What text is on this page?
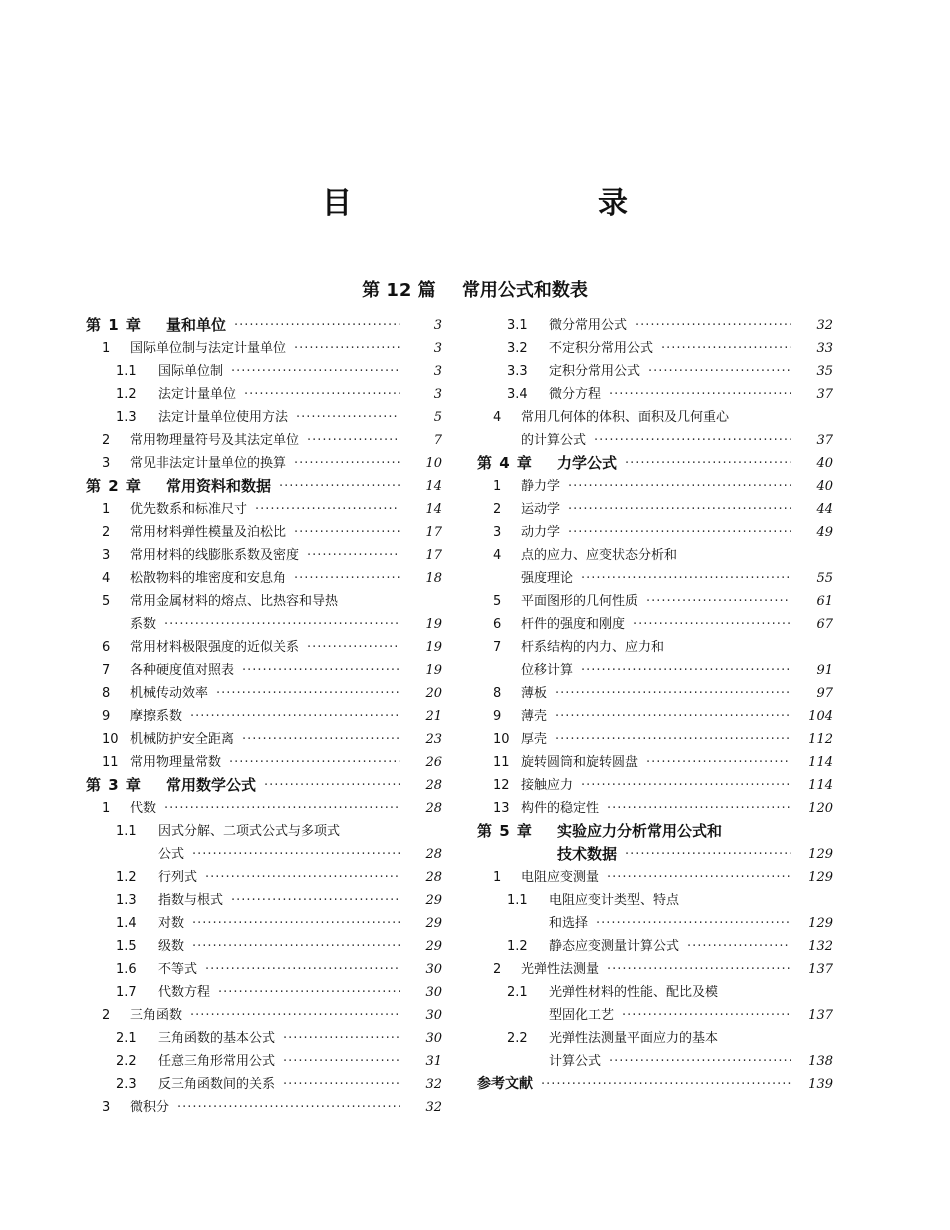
目　　录
第 12 篇 常用公式和数表
第 1 章	量和单位 ·····	3
1	国际单位制与法定计量单位 ·····	3
1.1	国际单位制 ·····	3
1.2	法定计量单位 ·····	3
1.3	法定计量单位使用方法 ·····	5
2	常用物理量符号及其法定单位 ·····	7
3	常见非法定计量单位的换算 ·····	10
第 2 章	常用资料和数据 ·····	14
1	优先数系和标准尺寸 ·····	14
2	常用材料弹性模量及泊松比 ·····	17
3	常用材料的线膨胀系数及密度 ·····	17
4	松散物料的堆密度和安息角 ·····	18
5	常用金属材料的熔点、比热容和导热
系数 ·····	19
6	常用材料极限强度的近似关系 ·····	19
7	各种硬度值对照表 ·····	19
8	机械传动效率 ·····	20
9	摩擦系数 ·····	21
10 机械防护安全距离 ·····	23
11 常用物理量常数 ·····	26
第 3 章	常用数学公式 ·····	28
1	代数 ·····	28
1.1	因式分解、二项式公式与多项式
公式 ·····	28
1.2	行列式 ·····	28
1.3	指数与根式 ·····	29
1.4	对数 ·····	29
1.5	级数 ·····	29
1.6	不等式 ·····	30
1.7	代数方程 ·····	30
2	三角函数 ·····	30
2.1	三角函数的基本公式 ·····	30
2.2	任意三角形常用公式 ·····	31
2.3	反三角函数间的关系 ·····	32
3	微积分 ·····	32
3.1	微分常用公式 ·····	32
3.2	不定积分常用公式 ·····	33
3.3	定积分常用公式 ·····	35
3.4	微分方程 ·····	37
4	常用几何体的体积、面积及几何重心
的计算公式 ·····	37
第 4 章	力学公式 ·····	40
1	静力学 ·····	40
2	运动学 ·····	44
3	动力学 ·····	49
4	点的应力、应变状态分析和
强度理论 ·····	55
5	平面图形的几何性质 ·····	61
6	杆件的强度和刚度 ·····	67
7	杆系结构的内力、应力和
位移计算 ·····	91
8	薄板 ·····	97
9	薄壳 ·····	104
10 厚壳 ·····	112
11 旋转圆筒和旋转圆盘 ·····	114
12 接触应力 ·····	114
13 构件的稳定性 ·····	120
第 5 章	实验应力分析常用公式和
技术数据 ·····	129
1	电阻应变测量 ·····	129
1.1	电阻应变计类型、特点
和选择 ·····	129
1.2	静态应变测量计算公式 ·····	132
2	光弹性法测量 ·····	137
2.1	光弹性材料的性能、配比及模
型固化工艺 ·····	137
2.2	光弹性法测量平面应力的基本
计算公式 ·····	138
参考文献 ·····	139
